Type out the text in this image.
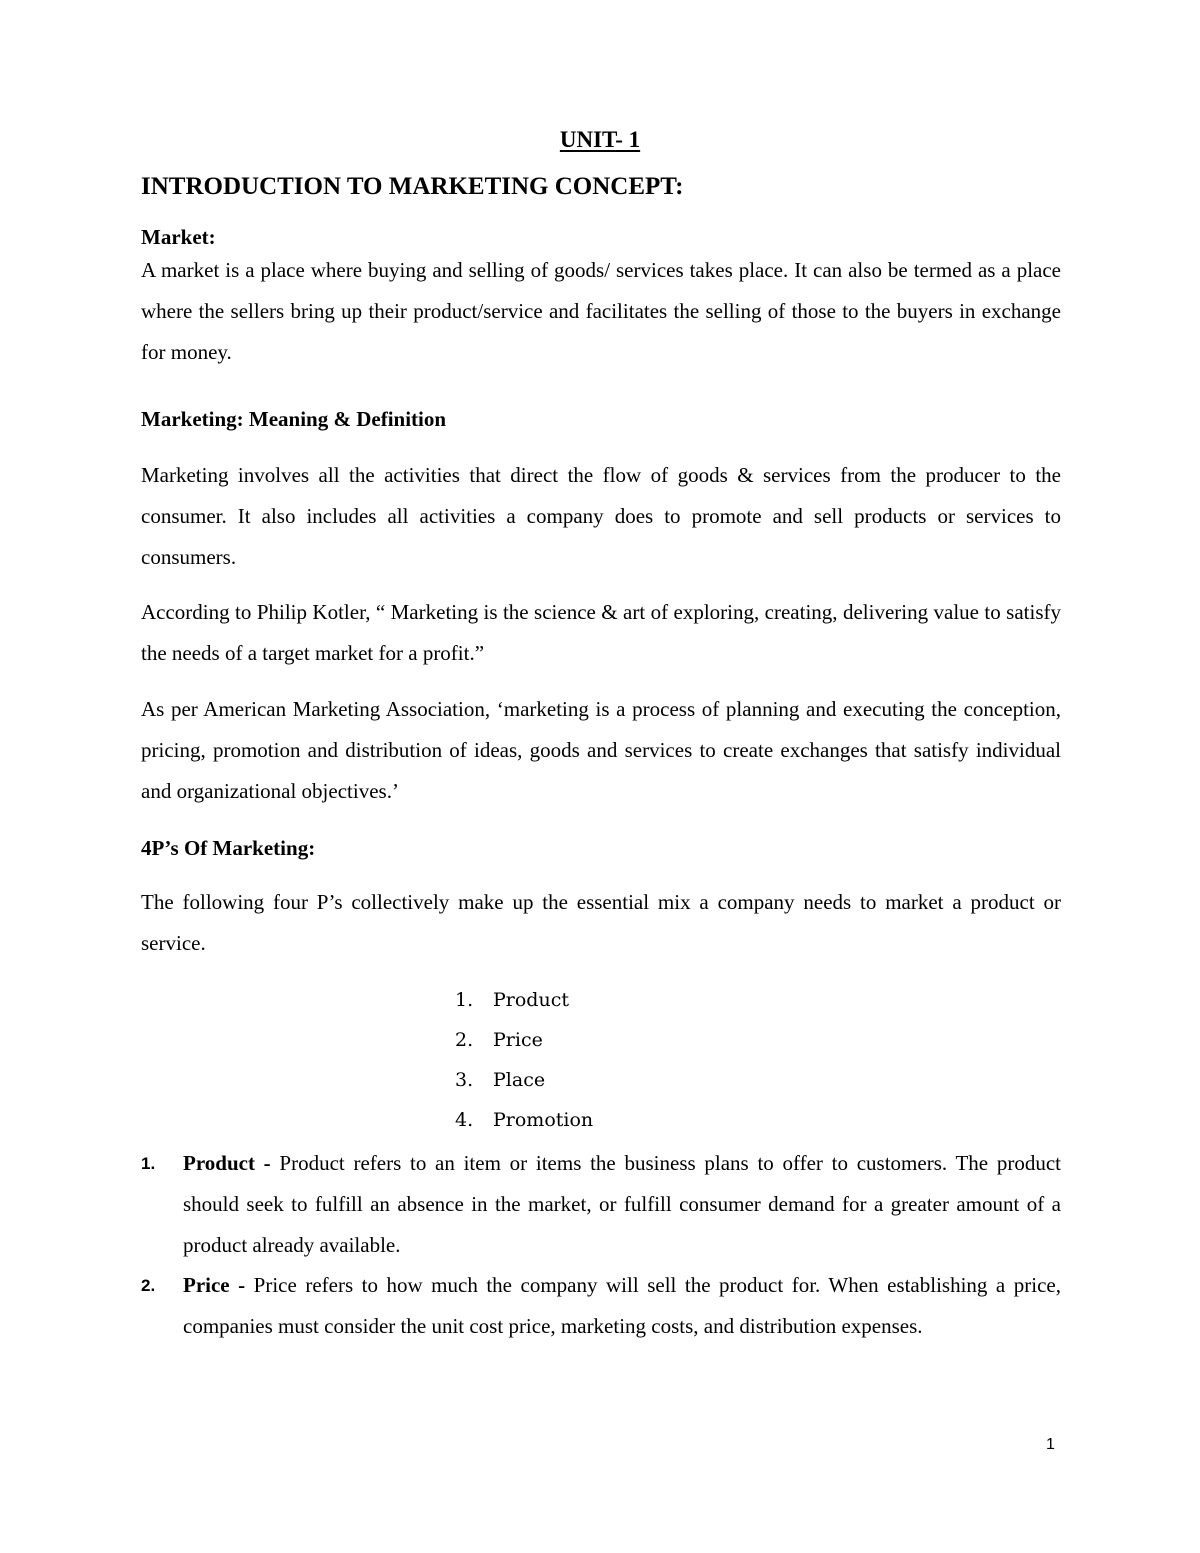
UNIT- 1
INTRODUCTION TO MARKETING CONCEPT:
Market:
A market is a place where buying and selling of goods/ services takes place. It can also be termed as a place where the sellers bring up their product/service and facilitates the selling of those to the buyers in exchange for money.
Marketing: Meaning & Definition
Marketing involves all the activities that direct the flow of goods & services from the producer to the consumer. It also includes all activities a company does to promote and sell products or services to consumers.
According to Philip Kotler, “ Marketing is the science & art of exploring, creating, delivering value to satisfy the needs of a target market for a profit.”
As per American Marketing Association, ‘marketing is a process of planning and executing the conception, pricing, promotion and distribution of ideas, goods and services to create exchanges that satisfy individual and organizational objectives.’
4P’s Of Marketing:
The following four P’s collectively make up the essential mix a company needs to market a product or service.
1. Product
2. Price
3. Place
4. Promotion
1.	Product - Product refers to an item or items the business plans to offer to customers. The product should seek to fulfill an absence in the market, or fulfill consumer demand for a greater amount of a product already available.
2.	Price - Price refers to how much the company will sell the product for. When establishing a price, companies must consider the unit cost price, marketing costs, and distribution expenses.
1
